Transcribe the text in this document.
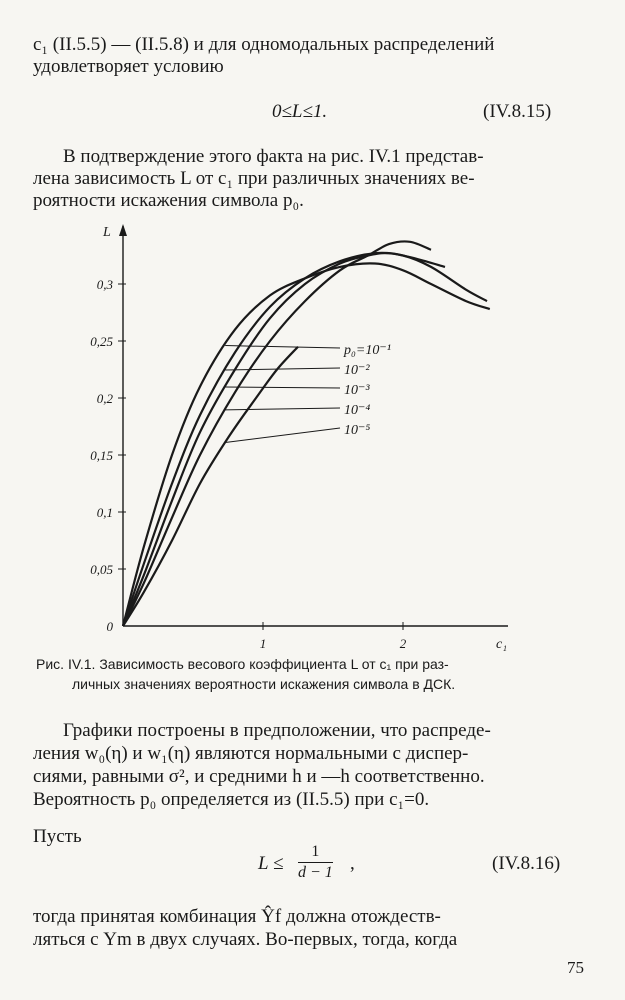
c₁ (II.5.5) — (II.5.8) и для одномодальных распределений
удовлетворяет условию
0≤L≤1.	(IV.8.15)
В подтверждение этого факта на рис. IV.1 представ-
лена зависимость L от c₁ при различных значениях ве-
роятности искажения символа p₀.
L
c₁
0
0,05
0,1
0,15
0,2
0,25
0,3
1	2
p₀=10⁻¹
10⁻²
10⁻³
10⁻⁴
10⁻⁵
Рис. IV.1. Зависимость весового коэффициента L от c₁ при раз-
личных значениях вероятности искажения символа в ДСК.
Графики построены в предположении, что распреде-
ления w₀(η) и w₁(η) являются нормальными с диспер-
сиями, равными σ², и средними h и —h соответственно.
Вероятность p₀ определяется из (II.5.5) при c₁=0.
Пусть
$L \le \frac{1}{d - 1}$ ,	(IV.8.16)
тогда принятая комбинация Ŷf должна отождеств-
ляться с Ym в двух случаях. Во-первых, тогда, когда
75
